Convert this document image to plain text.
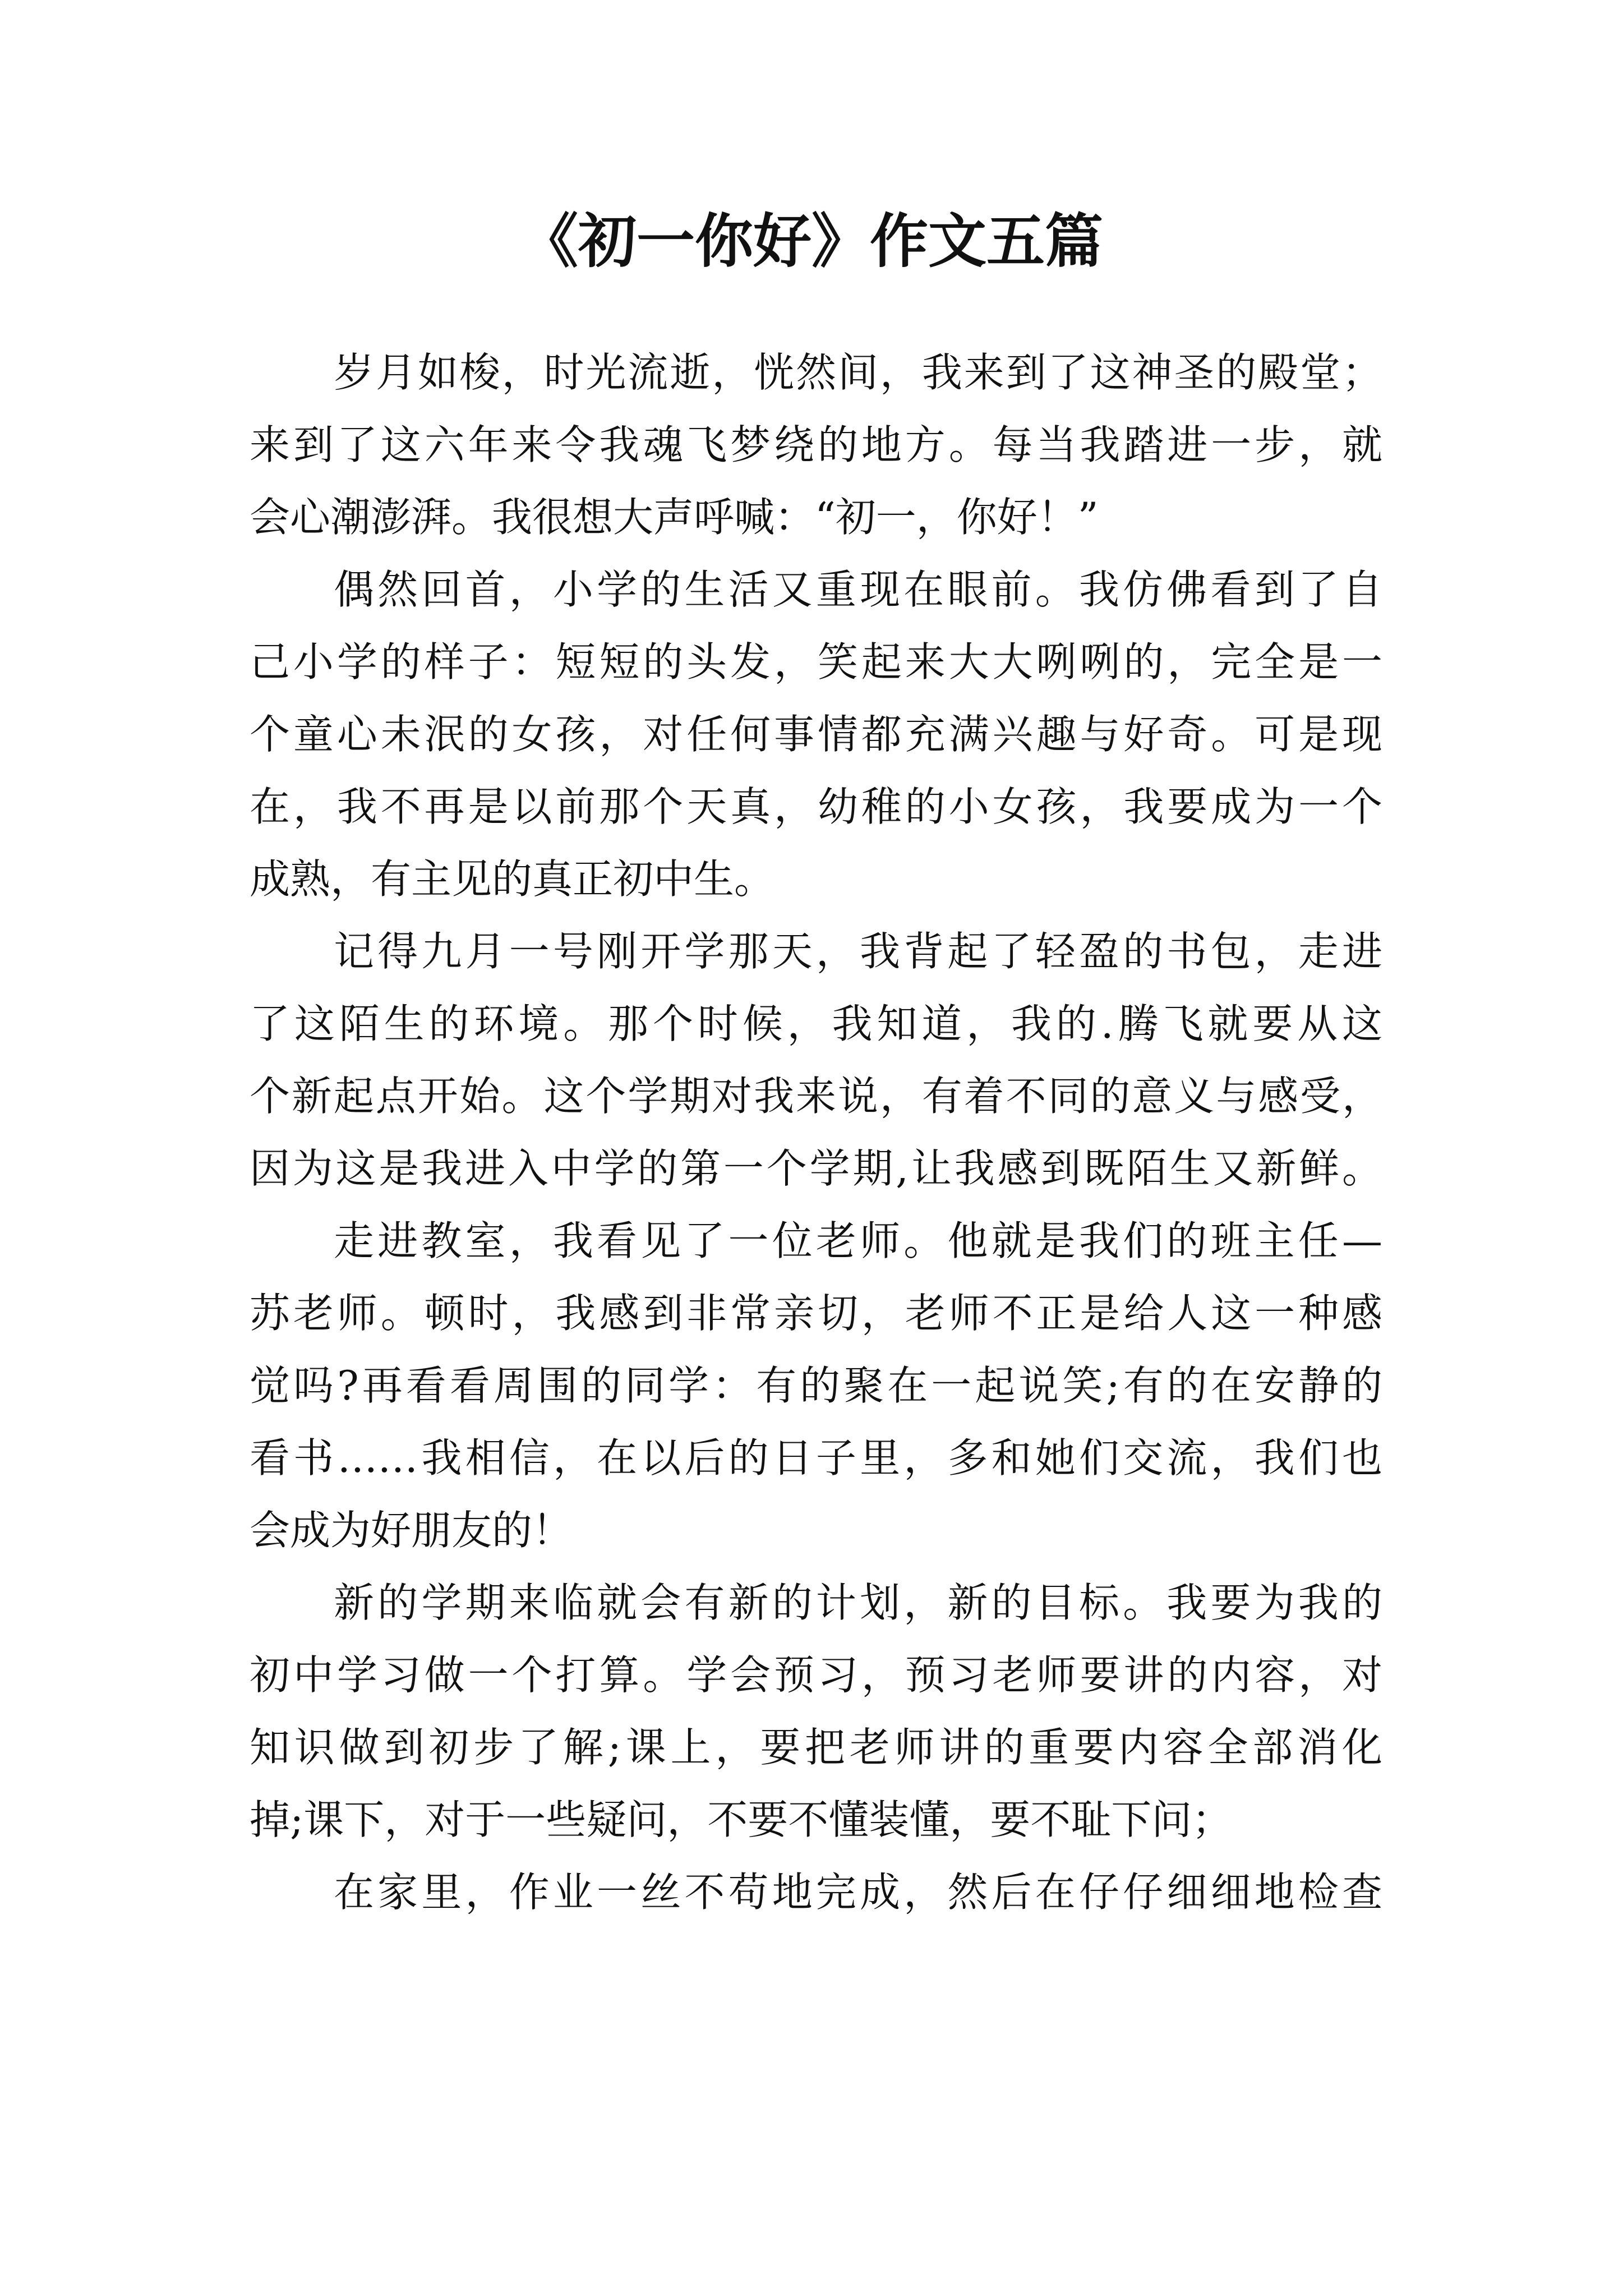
《初一你好》作文五篇
岁月如梭，时光流逝，恍然间，我来到了这神圣的殿堂；
来到了这六年来令我魂飞梦绕的地方。每当我踏进一步，就
会心潮澎湃。我很想大声呼喊：“初一，你好！”
偶然回首，小学的生活又重现在眼前。我仿佛看到了自
己小学的样子：短短的头发，笑起来大大咧咧的，完全是一
个童心未泯的女孩，对任何事情都充满兴趣与好奇。可是现
在，我不再是以前那个天真，幼稚的小女孩，我要成为一个
成熟，有主见的真正初中生。
记得九月一号刚开学那天，我背起了轻盈的书包，走进
了这陌生的环境。那个时候，我知道，我的.腾飞就要从这
个新起点开始。这个学期对我来说，有着不同的意义与感受，
因为这是我进入中学的第一个学期,让我感到既陌生又新鲜。
走进教室，我看见了一位老师。他就是我们的班主任—
苏老师。顿时，我感到非常亲切，老师不正是给人这一种感
觉吗?再看看周围的同学：有的聚在一起说笑;有的在安静的
看书……我相信，在以后的日子里，多和她们交流，我们也
会成为好朋友的！
新的学期来临就会有新的计划，新的目标。我要为我的
初中学习做一个打算。学会预习，预习老师要讲的内容，对
知识做到初步了解;课上，要把老师讲的重要内容全部消化
掉;课下，对于一些疑问，不要不懂装懂，要不耻下问；
在家里，作业一丝不苟地完成，然后在仔仔细细地检查
